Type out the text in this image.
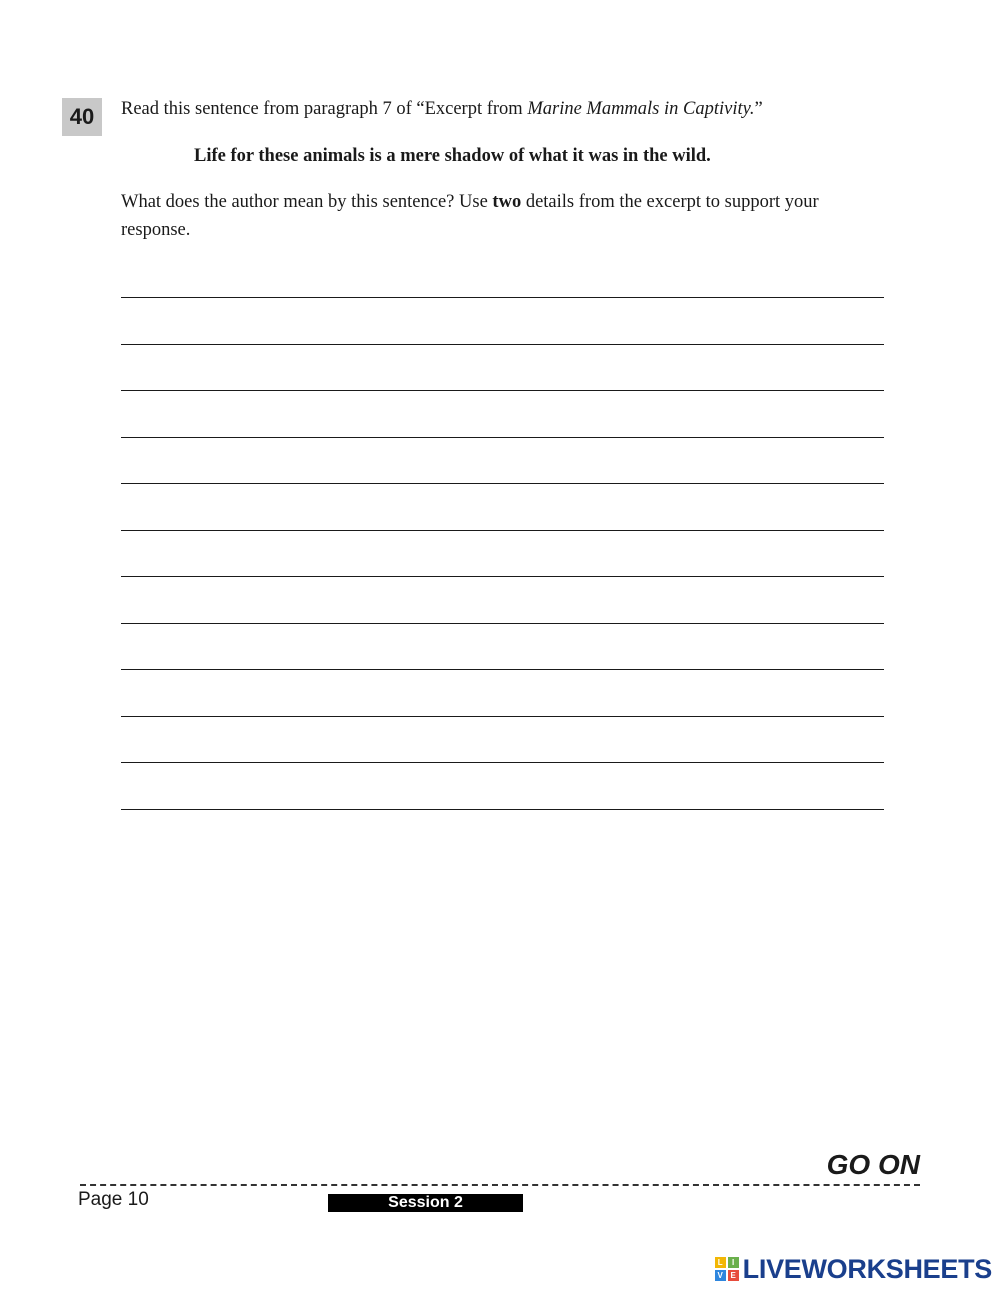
40	Read this sentence from paragraph 7 of “Excerpt from Marine Mammals in Captivity.”
Life for these animals is a mere shadow of what it was in the wild.
What does the author mean by this sentence? Use two details from the excerpt to support your response.
GO ON
Page 10	Session 2
L	I
V E LIVEWORKSHEETS
